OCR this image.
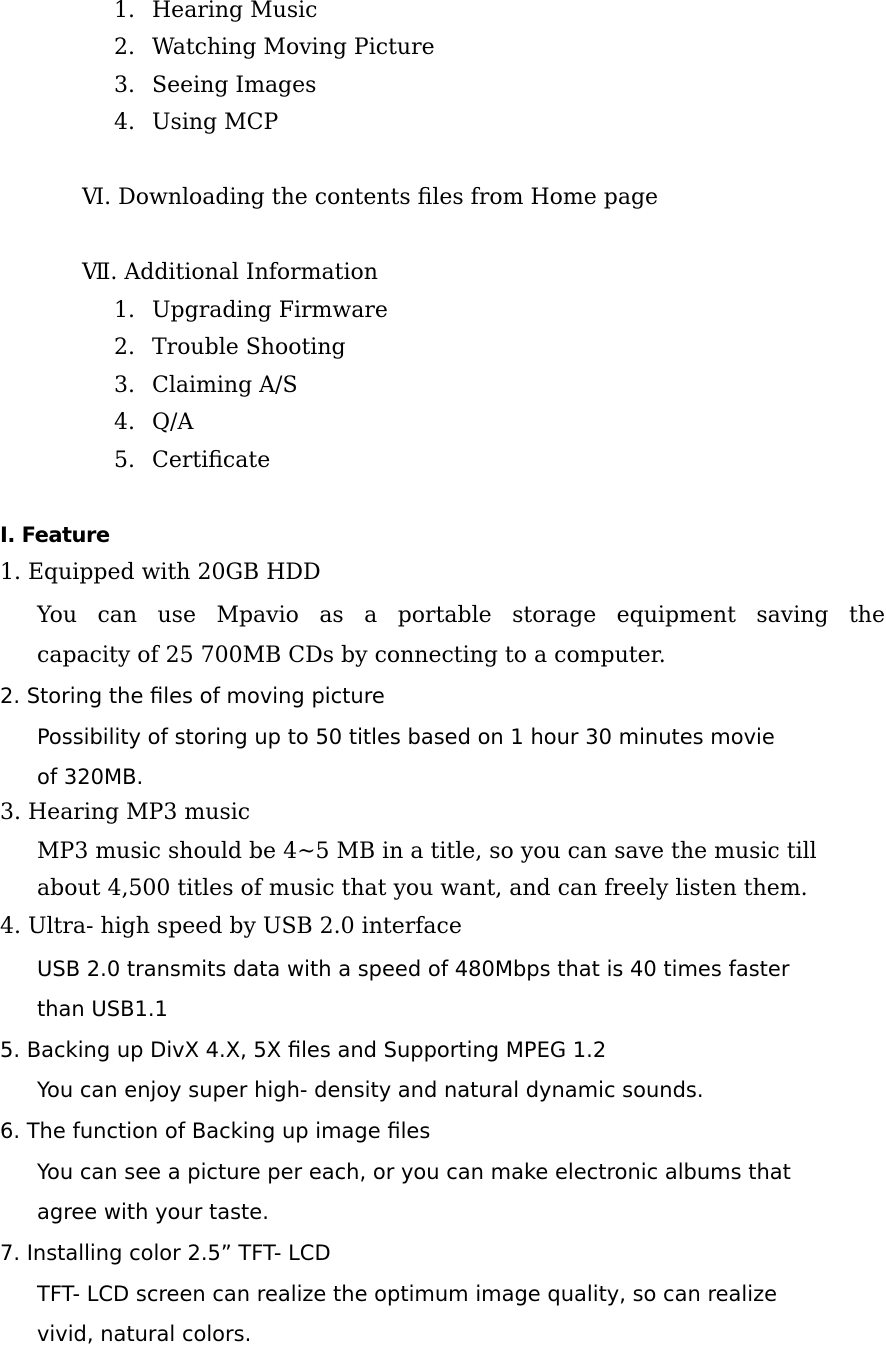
1. Hearing Music
2. Watching Moving Picture
3. Seeing Images
4. Using MCP
Ⅵ. Downloading the contents files from Home page
Ⅶ. Additional Information
1. Upgrading Firmware
2. Trouble Shooting
3. Claiming A/S
4. Q/A
5. Certificate
Ⅰ. Feature
1. Equipped with 20GB HDD
You can use Mpavio as a portable storage equipment saving the
capacity of 25 700MB CDs by connecting to a computer.
2. Storing the files of moving picture
Possibility of storing up to 50 titles based on 1 hour 30 minutes movie
of 320MB.
3. Hearing MP3 music
MP3 music should be 4~5 MB in a title, so you can save the music till
about 4,500 titles of music that you want, and can freely listen them.
4. Ultra- high speed by USB 2.0 interface
USB 2.0 transmits data with a speed of 480Mbps that is 40 times faster
than USB1.1
5. Backing up DivX 4.X, 5X files and Supporting MPEG 1.2
You can enjoy super high- density and natural dynamic sounds.
6. The function of Backing up image files
You can see a picture per each, or you can make electronic albums that
agree with your taste.
7. Installing color 2.5” TFT- LCD
TFT- LCD screen can realize the optimum image quality, so can realize
vivid, natural colors.
